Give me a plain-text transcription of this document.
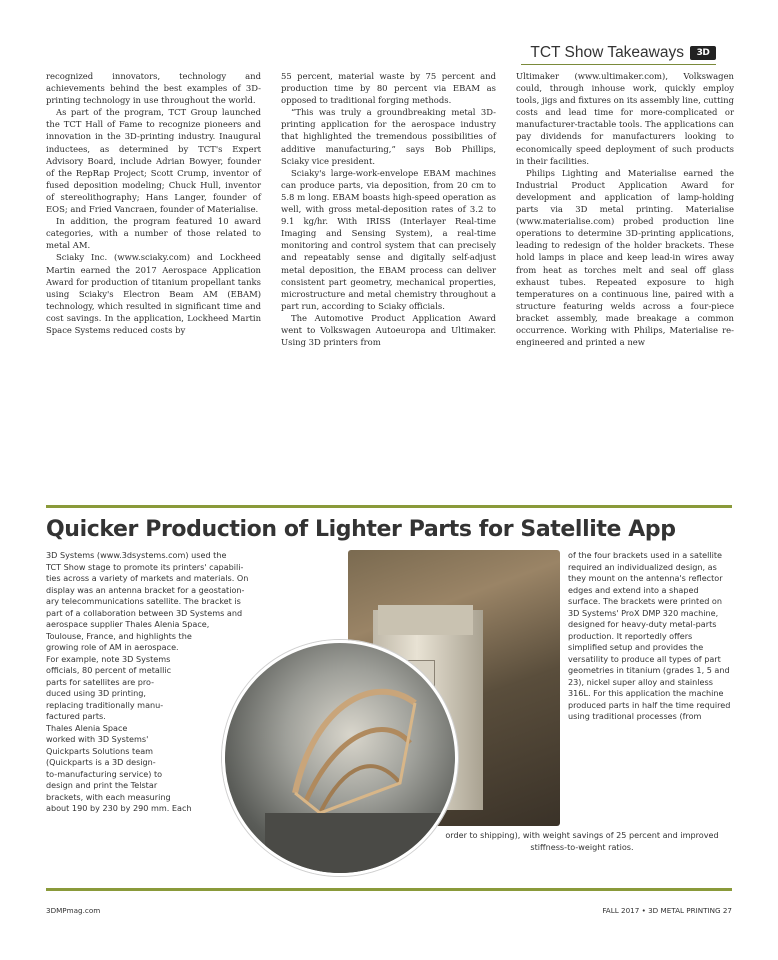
TCT Show Takeaways	3D

recognized innovators, technology and achievements behind the best examples of 3D-printing technology in use throughout the world.

As part of the program, TCT Group launched the TCT Hall of Fame to recognize pioneers and innovation in the 3D-printing industry. Inaugural inductees, as determined by TCT's Expert Advisory Board, include Adrian Bowyer, founder of the RepRap Project; Scott Crump, inventor of fused deposition modeling; Chuck Hull, inventor of stereolithography; Hans Langer, founder of EOS; and Fried Vancraen, founder of Materialise.

In addition, the program featured 10 award categories, with a number of those related to metal AM.

Sciaky Inc. (www.sciaky.com) and Lockheed Martin earned the 2017 Aerospace Application Award for production of titanium propellant tanks using Sciaky's Electron Beam AM (EBAM) technology, which resulted in significant time and cost savings. In the application, Lockheed Martin Space Systems reduced costs by

55 percent, material waste by 75 percent and production time by 80 percent via EBAM as opposed to traditional forging methods.

“This was truly a groundbreaking metal 3D-printing application for the aerospace industry that highlighted the tremendous possibilities of additive manufacturing,” says Bob Phillips, Sciaky vice president.

Sciaky's large-work-envelope EBAM machines can produce parts, via deposition, from 20 cm to 5.8 m long. EBAM boasts high-speed operation as well, with gross metal-deposition rates of 3.2 to 9.1 kg/hr. With IRISS (Interlayer Real-time Imaging and Sensing System), a real-time monitoring and control system that can precisely and repeatably sense and digitally self-adjust metal deposition, the EBAM process can deliver consistent part geometry, mechanical properties, microstructure and metal chemistry throughout a part run, according to Sciaky officials.

The Automotive Product Application Award went to Volkswagen Autoeuropa and Ultimaker. Using 3D printers from

Ultimaker (www.ultimaker.com), Volkswagen could, through inhouse work, quickly employ tools, jigs and fixtures on its assembly line, cutting costs and lead time for more-complicated or manufacturer-tractable tools. The applications can pay dividends for manufacturers looking to economically speed deployment of such products in their facilities.

Philips Lighting and Materialise earned the Industrial Product Application Award for development and application of lamp-holding parts via 3D metal printing. Materialise (www.materialise.com) probed production line operations to determine 3D-printing applications, leading to redesign of the holder brackets. These hold lamps in place and keep lead-in wires away from heat as torches melt and seal off glass exhaust tubes. Repeated exposure to high temperatures on a continuous line, paired with a structure featuring welds across a four-piece bracket assembly, made breakage a common occurrence. Working with Philips, Materialise re-engineered and printed a new

Quicker Production of Lighter Parts for Satellite App

3D Systems (www.3dsystems.com) used the
TCT Show stage to promote its printers' capabili-
ties across a variety of markets and materials. On
display was an antenna bracket for a geostation-
ary telecommunications satellite. The bracket is
part of a collaboration between 3D Systems and
aerospace supplier Thales Alenia Space,
Toulouse, France, and highlights the
growing role of AM in aerospace.
For example, note 3D Systems
officials, 80 percent of metallic
parts for satellites are pro-
duced using 3D printing,
replacing traditionally manu-
factured parts.
Thales Alenia Space
worked with 3D Systems'
Quickparts Solutions team
(Quickparts is a 3D design-
to-manufacturing service) to
design and print the Telstar
brackets, with each measuring
about 190 by 230 by 290 mm. Each

of the four brackets used in a satellite required an individualized design, as they mount on the antenna's reflector edges and extend into a shaped surface. The brackets were printed on 3D Systems' ProX DMP 320 machine, designed for heavy-duty metal-parts production. It reportedly offers simplified setup and provides the versatility to produce all types of part geometries in titanium (grades 1, 5 and 23), nickel super alloy and stainless 316L. For this application the machine produced parts in half the time required using traditional processes (from
order to shipping), with weight savings of 25 percent and improved stiffness-to-weight ratios.
3DMPmag.com	FALL 2017 • 3D METAL PRINTING 27
